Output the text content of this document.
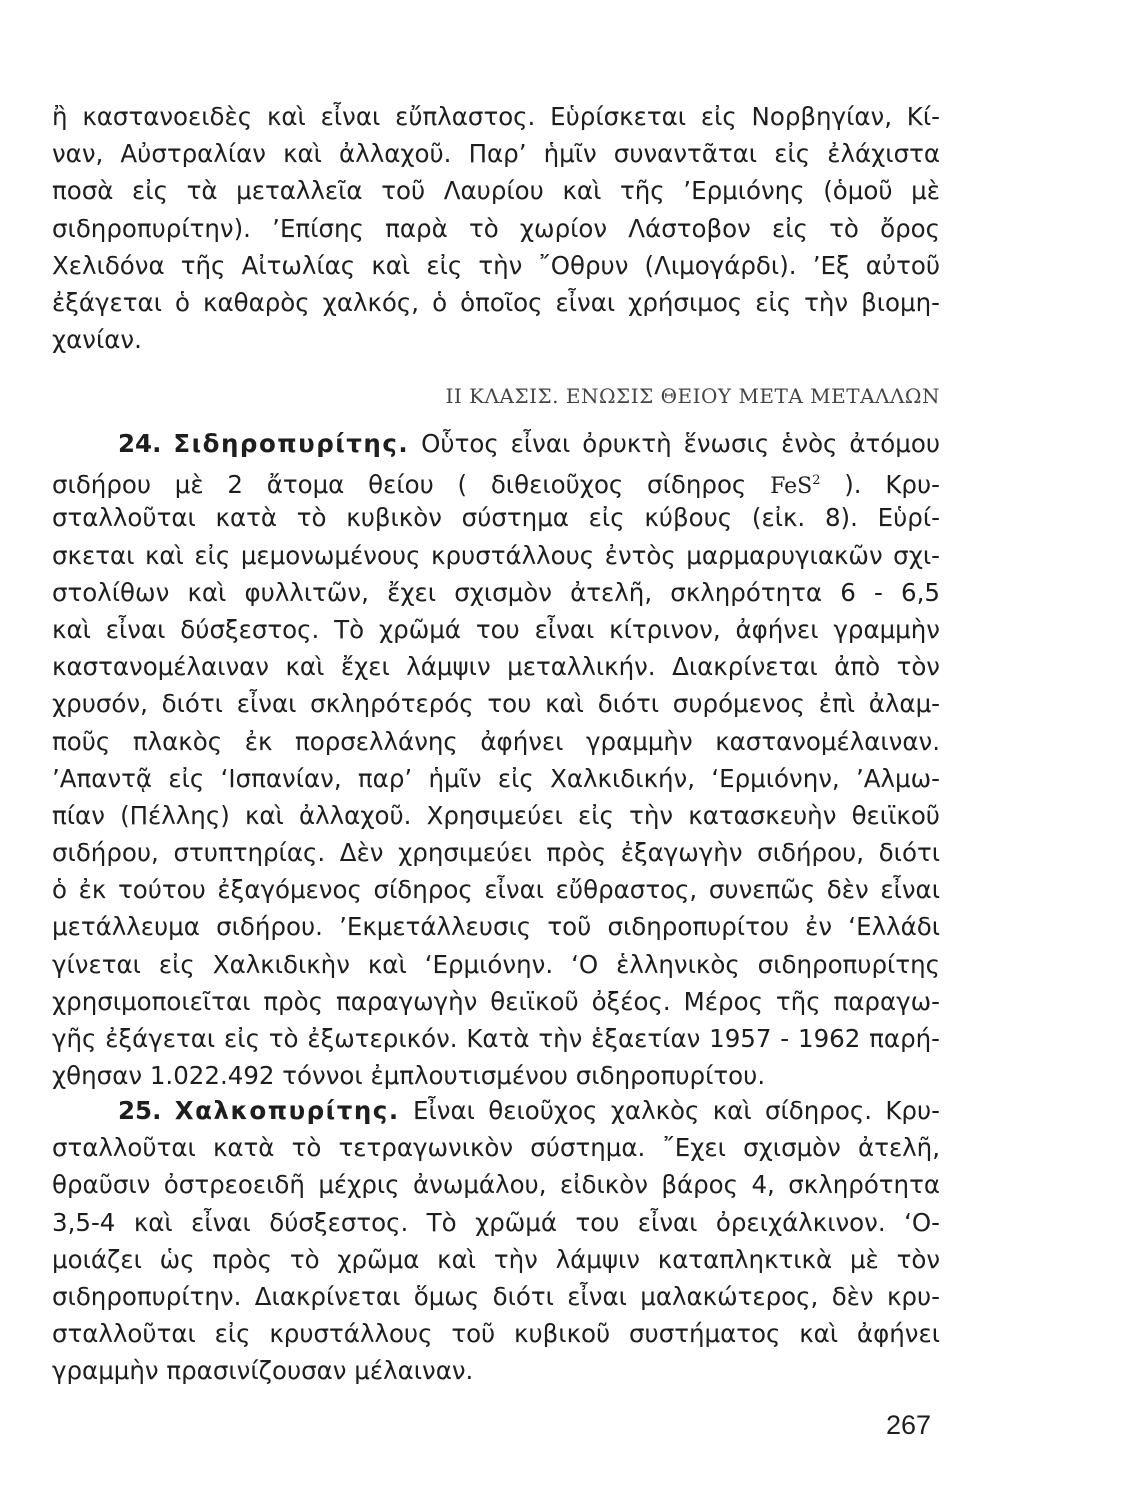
ἢ καστανοειδὲς καὶ εἶναι εὔπλαστος. Εὑρίσκεται εἰς Νορβηγίαν, Κί-
ναν, Αὐστραλίαν καὶ ἀλλαχοῦ. Παρ’ ἡμῖν συναντᾶται εἰς ἐλάχιστα
ποσὰ εἰς τὰ μεταλλεῖα τοῦ Λαυρίου καὶ τῆς ’Ερμιόνης (ὁμοῦ μὲ
σιδηροπυρίτην). ’Επίσης παρὰ τὸ χωρίον Λάστοβον εἰς τὸ ὄρος
Χελιδόνα τῆς Αἰτωλίας καὶ εἰς τὴν ῎Οθρυν (Λιμογάρδι). ’Εξ αὐτοῦ
ἐξάγεται ὁ καθαρὸς χαλκός, ὁ ὁποῖος εἶναι χρήσιμος εἰς τὴν βιομη-
χανίαν.
II ΚΛΑΣΙΣ. ΕΝΩΣΙΣ ΘΕΙΟΥ ΜΕΤΑ ΜΕΤΑΛΛΩΝ
24. Σιδηροπυρίτης. Οὗτος εἶναι ὀρυκτὴ ἕνωσις ἑνὸς ἀτόμου
σιδήρου μὲ 2 ἄτομα θείου ( διθειοῦχος σίδηρος FeS$^2$ ). Κρυ-
σταλλοῦται κατὰ τὸ κυβικὸν σύστημα εἰς κύβους (εἰκ. 8). Εὑρί-
σκεται καὶ εἰς μεμονωμένους κρυστάλλους ἐντὸς μαρμαρυγιακῶν σχι-
στολίθων καὶ φυλλιτῶν, ἔχει σχισμὸν ἀτελῆ, σκληρότητα 6 - 6,5
καὶ εἶναι δύσξεστος. Τὸ χρῶμά του εἶναι κίτρινον, ἀφήνει γραμμὴν
καστανομέλαιναν καὶ ἔχει λάμψιν μεταλλικήν. Διακρίνεται ἀπὸ τὸν
χρυσόν, διότι εἶναι σκληρότερός του καὶ διότι συρόμενος ἐπὶ ἀλαμ-
ποῦς πλακὸς ἐκ πορσελλάνης ἀφήνει γραμμὴν καστανομέλαιναν.
’Απαντᾷ εἰς ‘Ισπανίαν, παρ’ ἡμῖν εἰς Χαλκιδικήν, ‘Ερμιόνην, ’Αλμω-
πίαν (Πέλλης) καὶ ἀλλαχοῦ. Χρησιμεύει εἰς τὴν κατασκευὴν θειϊκοῦ
σιδήρου, στυπτηρίας. Δὲν χρησιμεύει πρὸς ἐξαγωγὴν σιδήρου, διότι
ὁ ἐκ τούτου ἐξαγόμενος σίδηρος εἶναι εὔθραστος, συνεπῶς δὲν εἶναι
μετάλλευμα σιδήρου. ’Εκμετάλλευσις τοῦ σιδηροπυρίτου ἐν ‘Ελλάδι
γίνεται εἰς Χαλκιδικὴν καὶ ‘Ερμιόνην. ‘Ο ἑλληνικὸς σιδηροπυρίτης
χρησιμοποιεῖται πρὸς παραγωγὴν θειϊκοῦ ὀξέος. Μέρος τῆς παραγω-
γῆς ἐξάγεται εἰς τὸ ἐξωτερικόν. Κατὰ τὴν ἑξαετίαν 1957 - 1962 παρή-
χθησαν 1.022.492 τόννοι ἐμπλουτισμένου σιδηροπυρίτου.
25. Χαλκοπυρίτης. Εἶναι θειοῦχος χαλκὸς καὶ σίδηρος. Κρυ-
σταλλοῦται κατὰ τὸ τετραγωνικὸν σύστημα. ῎Εχει σχισμὸν ἀτελῆ,
θραῦσιν ὀστρεοειδῆ μέχρις ἀνωμάλου, εἰδικὸν βάρος 4, σκληρότητα
3,5-4 καὶ εἶναι δύσξεστος. Τὸ χρῶμά του εἶναι ὀρειχάλκινον. ‘Ο-
μοιάζει ὡς πρὸς τὸ χρῶμα καὶ τὴν λάμψιν καταπληκτικὰ μὲ τὸν
σιδηροπυρίτην. Διακρίνεται ὅμως διότι εἶναι μαλακώτερος, δὲν κρυ-
σταλλοῦται εἰς κρυστάλλους τοῦ κυβικοῦ συστήματος καὶ ἀφήνει
γραμμὴν πρασινίζουσαν μέλαιναν.
267
